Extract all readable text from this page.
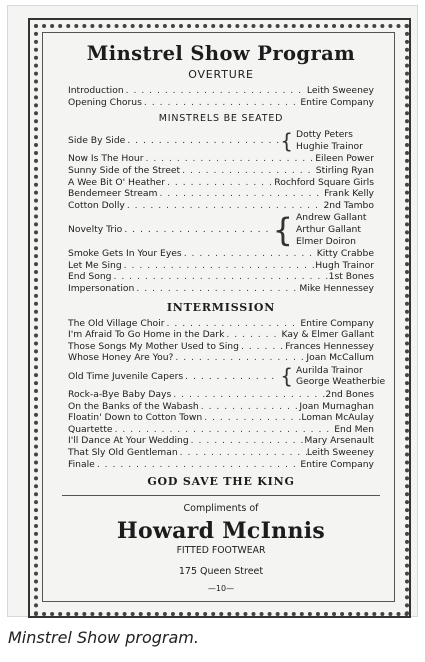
Minstrel Show Program
OVERTURE
Introduction . . .	Leith Sweeney
Opening Chorus . . .	Entire Company
MINSTRELS BE SEATED
Side By Side . . .	{ Dotty Peters
Hughie Trainor
Now Is The Hour . . .	Eileen Power
Sunny Side of the Street . . .	Stirling Ryan
A Wee Bit O' Heather . . .	Rochford Square Girls
Bendemeer Stream . . .	Frank Kelly
Cotton Dolly . . .	2nd Tambo
Novelty Trio . . .	{ Andrew Gallant
Arthur Gallant
Elmer Doiron
Smoke Gets In Your Eyes . . .	Kitty Crabbe
Let Me Sing . . .	Hugh Trainor
End Song . . .	1st Bones
Impersonation . . .	Mike Hennessey
INTERMISSION
The Old Village Choir . . .	Entire Company
I'm Afraid To Go Home in the Dark . . .	Kay & Elmer Gallant
Those Songs My Mother Used to Sing . . .	Frances Hennessey
Whose Honey Are You? . . .	Joan McCallum
Old Time Juvenile Capers . . .	{ Aurilda Trainor
George Weatherbie
Rock-a-Bye Baby Days . . .	2nd Bones
On the Banks of the Wabash . . .	Joan Murnaghan
Floatin' Down to Cotton Town . . .	Loman McAulay
Quartette . . .	End Men
I'll Dance At Your Wedding . . .	Mary Arsenault
That Sly Old Gentleman . . .	Leith Sweeney
Finale . . .	Entire Company
GOD SAVE THE KING
Compliments of
Howard McInnis
FITTED FOOTWEAR
175 Queen Street
—10—
Minstrel Show program.
